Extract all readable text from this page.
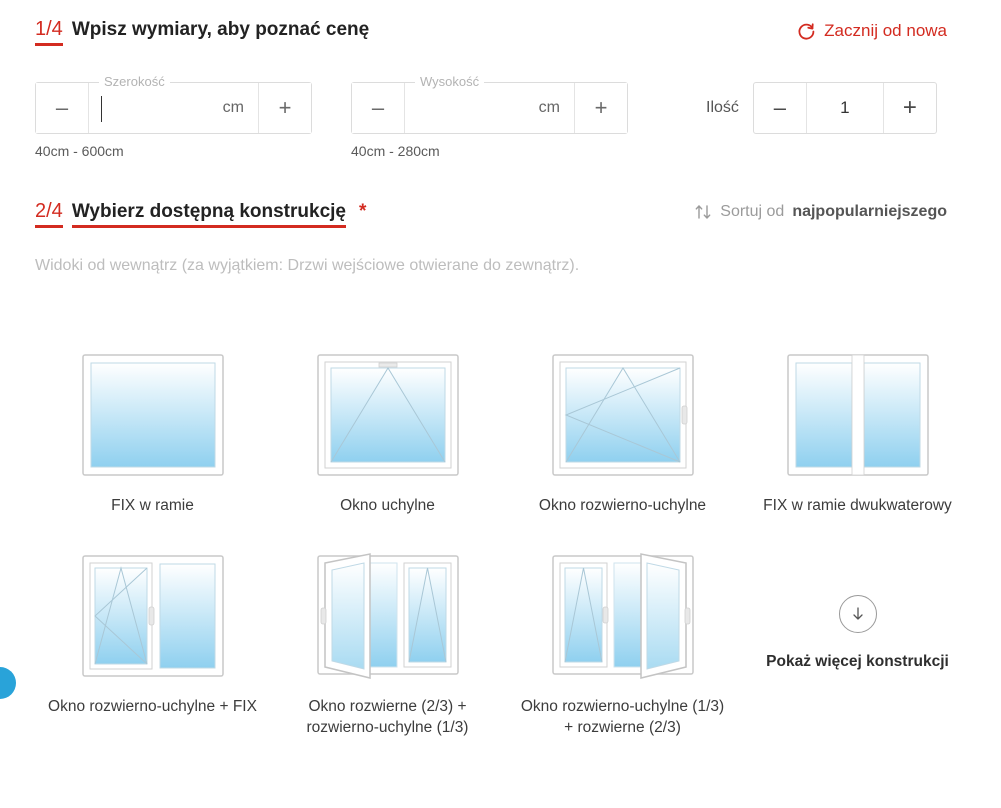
1/4 Wpisz wymiary, aby poznać cenę	Zacznij od nowa
–
Szerokość
cm	+
40cm - 600cm
–
Wysokość
cm	+
40cm - 280cm
Ilość	–	1	+
2/4 Wybierz dostępną konstrukcję *	Sortuj od najpopularniejszego
Widoki od wewnątrz (za wyjątkiem: Drzwi wejściowe otwierane do zewnątrz).
FIX w ramie	Okno uchylne	Okno rozwierno-uchylne	FIX w ramie dwukwaterowy
Okno rozwierno-uchylne + FIX	Okno rozwierne (2/3) + rozwierno-uchylne (1/3)
Okno rozwierno-uchylne (1/3) + rozwierne (2/3)
Pokaż więcej konstrukcji
